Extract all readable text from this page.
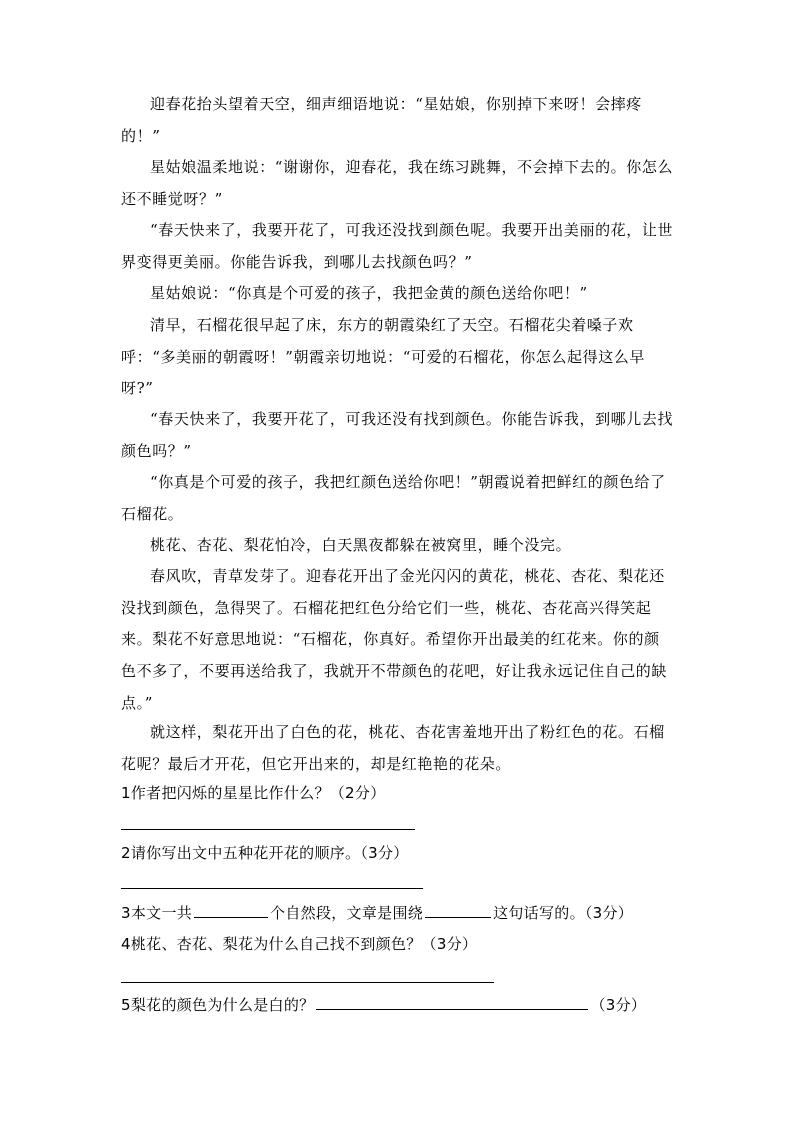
迎春花抬头望着天空，细声细语地说：“星姑娘，你别掉下来呀！会摔疼的！”

星姑娘温柔地说：“谢谢你，迎春花，我在练习跳舞，不会掉下去的。你怎么还不睡觉呀？”

“春天快来了，我要开花了，可我还没找到颜色呢。我要开出美丽的花，让世界变得更美丽。你能告诉我，到哪儿去找颜色吗？”

星姑娘说：“你真是个可爱的孩子，我把金黄的颜色送给你吧！”

清早，石榴花很早起了床，东方的朝霞染红了天空。石榴花尖着嗓子欢呼：“多美丽的朝霞呀！”朝霞亲切地说：“可爱的石榴花，你怎么起得这么早呀?”

“春天快来了，我要开花了，可我还没有找到颜色。你能告诉我，到哪儿去找颜色吗？”

“你真是个可爱的孩子，我把红颜色送给你吧！”朝霞说着把鲜红的颜色给了石榴花。

桃花、杏花、梨花怕冷，白天黑夜都躲在被窝里，睡个没完。

春风吹，青草发芽了。迎春花开出了金光闪闪的黄花，桃花、杏花、梨花还没找到颜色，急得哭了。石榴花把红色分给它们一些，桃花、杏花高兴得笑起来。梨花不好意思地说：“石榴花，你真好。希望你开出最美的红花来。你的颜色不多了，不要再送给我了，我就开不带颜色的花吧，好让我永远记住自己的缺点。”

就这样，梨花开出了白色的花，桃花、杏花害羞地开出了粉红色的花。石榴花呢？最后才开花，但它开出来的，却是红艳艳的花朵。

1作者把闪烁的星星比作什么？（2分）

2请你写出文中五种花开花的顺序。（3分）

3本文一共	个自然段，文章是围绕	这句话写的。（3分）

4桃花、杏花、梨花为什么自己找不到颜色？（3分）

5梨花的颜色为什么是白的？	（3分）
